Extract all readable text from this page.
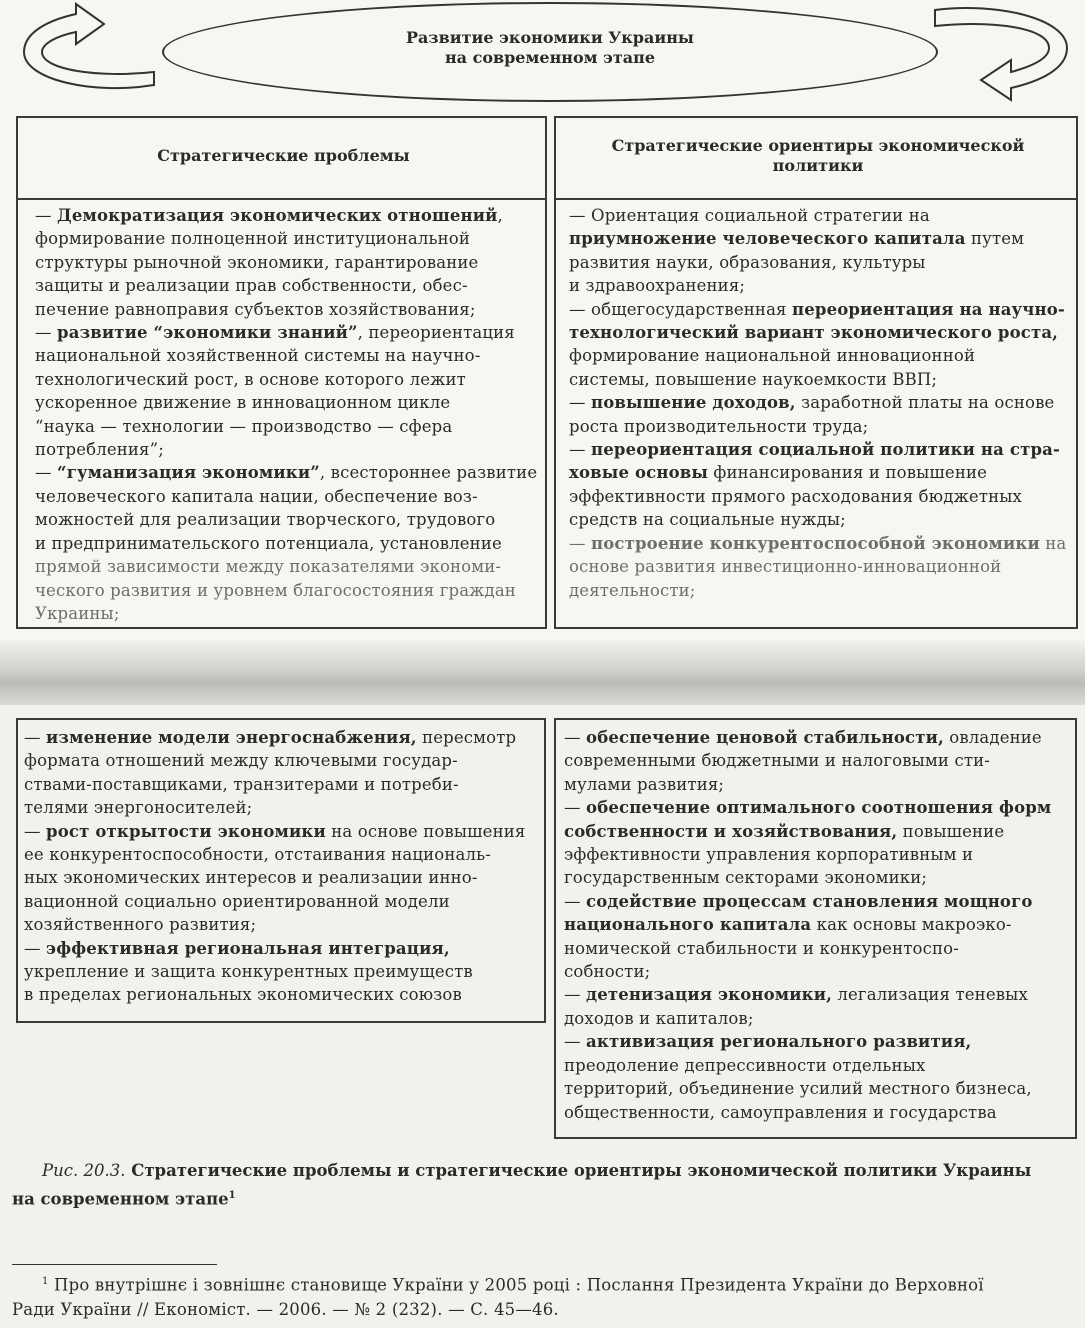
Развитие экономики Украины
на современном этапе
Стратегические проблемы
— Демократизация экономических отношений,
формирование полноценной институциональной
структуры рыночной экономики, гарантирование
защиты и реализации прав собственности, обес-
печение равноправия субъектов хозяйствования;
— развитие “экономики знаний”, переориентация
национальной хозяйственной системы на научно-
технологический рост, в основе которого лежит
ускоренное движение в инновационном цикле
“наука — технологии — производство — сфера
потребления”;
— “гуманизация экономики”, всестороннее развитие
человеческого капитала нации, обеспечение воз-
можностей для реализации творческого, трудового
и предпринимательского потенциала, установление
прямой зависимости между показателями экономи-
ческого развития и уровнем благосостояния граждан
Украины;
Стратегические ориентиры экономической
политики
— Ориентация социальной стратегии на
приумножение человеческого капитала путем
развития науки, образования, культуры
и здравоохранения;
— общегосударственная переориентация на научно-
технологический вариант экономического роста,
формирование национальной инновационной
системы, повышение наукоемкости ВВП;
— повышение доходов, заработной платы на основе
роста производительности труда;
— переориентация социальной политики на стра-
ховые основы финансирования и повышение
эффективности прямого расходования бюджетных
средств на социальные нужды;
— построение конкурентоспособной экономики на
основе развития инвестиционно-инновационной
деятельности;
— изменение модели энергоснабжения, пересмотр
формата отношений между ключевыми государ-
ствами-поставщиками, транзитерами и потреби-
телями энергоносителей;
— рост открытости экономики на основе повышения
ее конкурентоспособности, отстаивания националь-
ных экономических интересов и реализации инно-
вационной социально ориентированной модели
хозяйственного развития;
— эффективная региональная интеграция,
укрепление и защита конкурентных преимуществ
в пределах региональных экономических союзов
— обеспечение ценовой стабильности, овладение
современными бюджетными и налоговыми сти-
мулами развития;
— обеспечение оптимального соотношения форм
собственности и хозяйствования, повышение
эффективности управления корпоративным и
государственным секторами экономики;
— содействие процессам становления мощного
национального капитала как основы макроэко-
номической стабильности и конкурентоспо-
собности;
— детенизация экономики, легализация теневых
доходов и капиталов;
— активизация регионального развития,
преодоление депрессивности отдельных
территорий, объединение усилий местного бизнеса,
общественности, самоуправления и государства
Рис. 20.3. Стратегические проблемы и стратегические ориентиры экономической политики Украины
на современном этапе$^1$
$^1$ Про внутрішнє і зовнішнє становище України у 2005 році : Послання Президента України до Верховної
Ради України // Економіст. — 2006. — № 2 (232). — С. 45—46.
